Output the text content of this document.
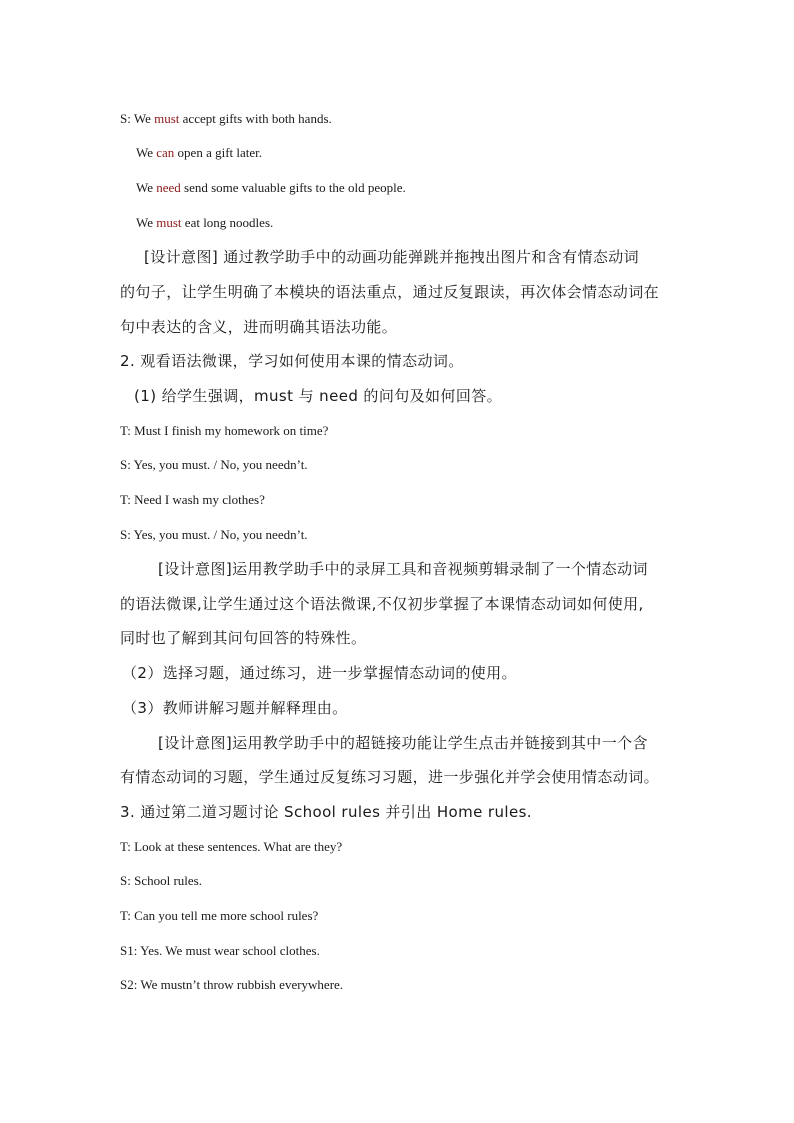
S: We must accept gifts with both hands.
We can open a gift later.
We need send some valuable gifts to the old people.
We must eat long noodles.
[设计意图] 通过教学助手中的动画功能弹跳并拖拽出图片和含有情态动词
的句子，让学生明确了本模块的语法重点，通过反复跟读，再次体会情态动词在
句中表达的含义，进而明确其语法功能。
2. 观看语法微课，学习如何使用本课的情态动词。
(1) 给学生强调，must 与 need 的问句及如何回答。
T: Must I finish my homework on time?
S: Yes, you must. / No, you needn’t.
T: Need I wash my clothes?
S: Yes, you must. / No, you needn’t.
[设计意图]运用教学助手中的录屏工具和音视频剪辑录制了一个情态动词
的语法微课,让学生通过这个语法微课,不仅初步掌握了本课情态动词如何使用,
同时也了解到其问句回答的特殊性。
（2）选择习题，通过练习，进一步掌握情态动词的使用。
（3）教师讲解习题并解释理由。
[设计意图]运用教学助手中的超链接功能让学生点击并链接到其中一个含
有情态动词的习题，学生通过反复练习习题，进一步强化并学会使用情态动词。
3. 通过第二道习题讨论 School rules 并引出 Home rules.
T: Look at these sentences. What are they?
S: School rules.
T: Can you tell me more school rules?
S1: Yes. We must wear school clothes.
S2: We mustn’t throw rubbish everywhere.
